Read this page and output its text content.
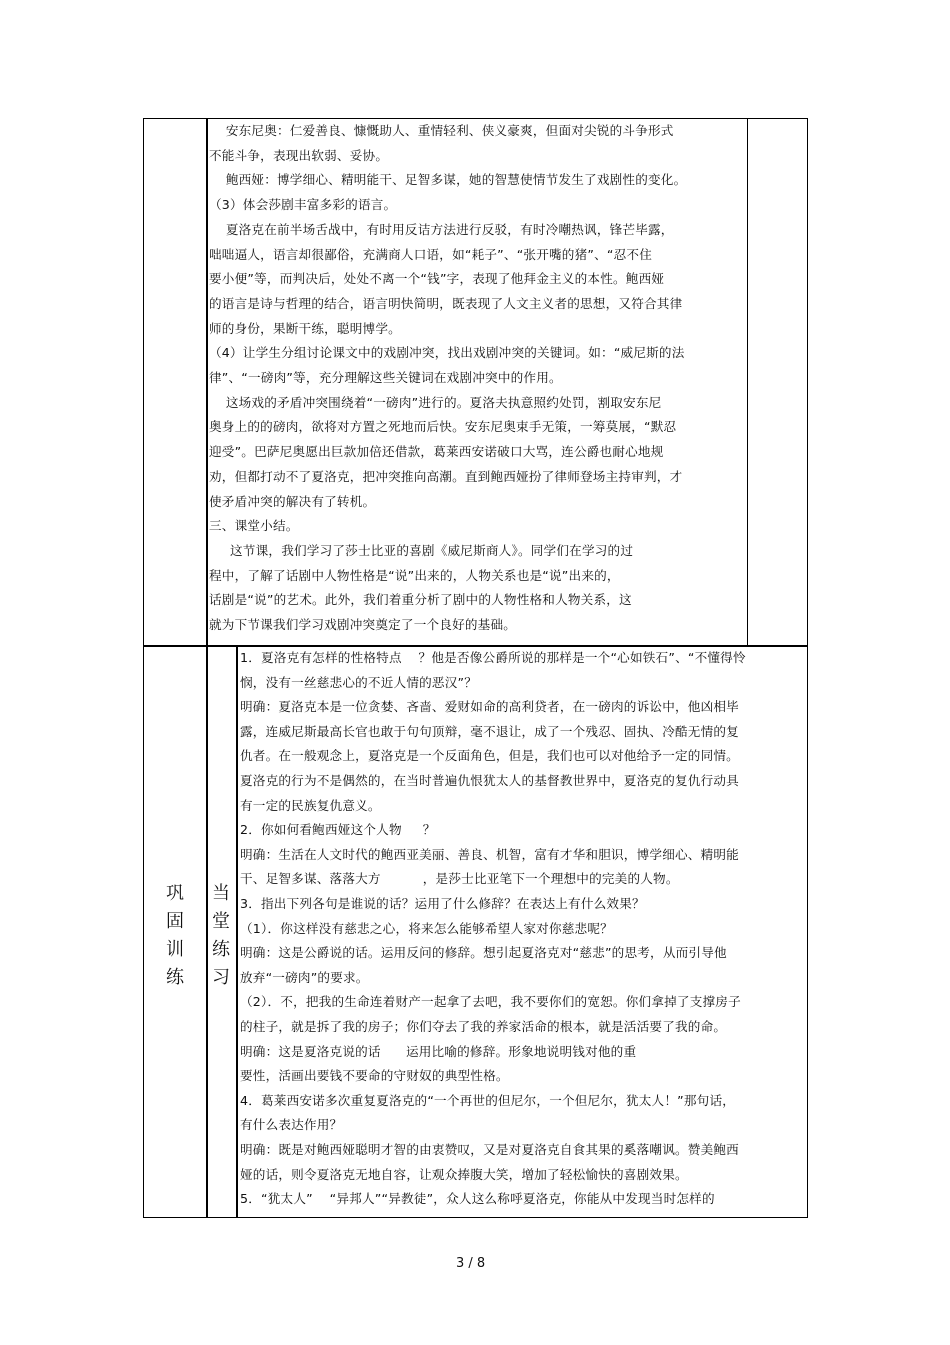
安东尼奥：仁爱善良、慷慨助人、重情轻利、侠义豪爽，但面对尖锐的斗争形式
不能斗争，表现出软弱、妥协。
鲍西娅：博学细心、精明能干、足智多谋，她的智慧使情节发生了戏剧性的变化。
（3）体会莎剧丰富多彩的语言。
夏洛克在前半场舌战中，有时用反诘方法进行反驳，有时冷嘲热讽，锋芒毕露，
咄咄逼人，语言却很鄙俗，充满商人口语，如“耗子”、“张开嘴的猪”、“忍不住
要小便”等，而判决后，处处不离一个“钱”字，表现了他拜金主义的本性。鲍西娅
的语言是诗与哲理的结合，语言明快简明，既表现了人文主义者的思想，又符合其律
师的身份，果断干练，聪明博学。
（4）让学生分组讨论课文中的戏剧冲突，找出戏剧冲突的关键词。如：“威尼斯的法
律”、“一磅肉”等，充分理解这些关键词在戏剧冲突中的作用。
这场戏的矛盾冲突围绕着“一磅肉”进行的。夏洛夫执意照约处罚，割取安东尼
奥身上的的磅肉，欲将对方置之死地而后快。安东尼奥束手无策，一筹莫展，“默忍
迎受”。巴萨尼奥愿出巨款加倍还借款，葛莱西安诺破口大骂，连公爵也耐心地规
劝，但都打动不了夏洛克，把冲突推向高潮。直到鲍西娅扮了律师登场主持审判，才
使矛盾冲突的解决有了转机。
三、课堂小结。
这节课，我们学习了莎士比亚的喜剧《威尼斯商人》。同学们在学习的过
程中，了解了话剧中人物性格是“说”出来的，人物关系也是“说”出来的，
话剧是“说”的艺术。此外，我们着重分析了剧中的人物性格和人物关系，这
就为下节课我们学习戏剧冲突奠定了一个良好的基础。
巩固训练
当堂练习
1．夏洛克有怎样的性格特点    ？他是否像公爵所说的那样是一个“心如铁石”、“不懂得怜
悯，没有一丝慈悲心的不近人情的恶汉”？
明确：夏洛克本是一位贪婪、吝啬、爱财如命的高利贷者，在一磅肉的诉讼中，他凶相毕
露，连威尼斯最高长官也敢于句句顶辩，毫不退让，成了一个残忍、固执、冷酷无情的复
仇者。在一般观念上，夏洛克是一个反面角色，但是，我们也可以对他给予一定的同情。
夏洛克的行为不是偶然的，在当时普遍仇恨犹太人的基督教世界中，夏洛克的复仇行动具
有一定的民族复仇意义。
2．你如何看鲍西娅这个人物     ？
明确：生活在人文时代的鲍西亚美丽、善良、机智，富有才华和胆识，博学细心、精明能
干、足智多谋、落落大方          ，是莎士比亚笔下一个理想中的完美的人物。
3．指出下列各句是谁说的话？运用了什么修辞？在表达上有什么效果？
（1）．你这样没有慈悲之心，将来怎么能够希望人家对你慈悲呢？
明确：这是公爵说的话。运用反问的修辞。想引起夏洛克对“慈悲”的思考，从而引导他
放弃“一磅肉”的要求。
（2）．不，把我的生命连着财产一起拿了去吧，我不要你们的宽恕。你们拿掉了支撑房子
的柱子，就是拆了我的房子；你们夺去了我的养家活命的根本，就是活活要了我的命。
明确：这是夏洛克说的话      运用比喻的修辞。形象地说明钱对他的重
要性，活画出要钱不要命的守财奴的典型性格。
4．葛莱西安诺多次重复夏洛克的“一个再世的但尼尔，一个但尼尔，犹太人！”那句话，
有什么表达作用？
明确：既是对鲍西娅聪明才智的由衷赞叹，又是对夏洛克自食其果的奚落嘲讽。赞美鲍西
娅的话，则令夏洛克无地自容，让观众捧腹大笑，增加了轻松愉快的喜剧效果。
5．“犹太人”    “异邦人”“异教徒”，众人这么称呼夏洛克，你能从中发现当时怎样的
3 / 8
